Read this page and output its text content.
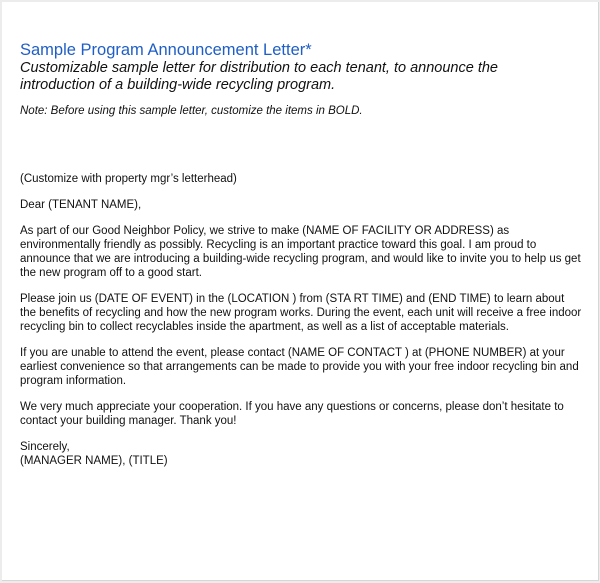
Sample Program Announcement Letter*

Customizable sample letter for distribution to each tenant, to announce the introduction of a building-wide recycling program.

Note: Before using this sample letter, customize the items in BOLD.

(Customize with property mgr’s letterhead)

Dear (TENANT NAME),

As part of our Good Neighbor Policy, we strive to make (NAME OF FACILITY OR ADDRESS) as environmentally friendly as possibly. Recycling is an important practice toward this goal. I am proud to announce that we are introducing a building-wide recycling program, and would like to invite you to help us get the new program off to a good start.

Please join us (DATE OF EVENT) in the (LOCATION ) from (STA RT TIME) and (END TIME) to learn about the benefits of recycling and how the new program works. During the event, each unit will receive a free indoor recycling bin to collect recyclables inside the apartment, as well as a list of acceptable materials.

If you are unable to attend the event, please contact (NAME OF CONTACT ) at (PHONE NUMBER) at your earliest convenience so that arrangements can be made to provide you with your free indoor recycling bin and program information.

We very much appreciate your cooperation. If you have any questions or concerns, please don’t hesitate to contact your building manager. Thank you!

Sincerely,

(MANAGER NAME), (TITLE)
